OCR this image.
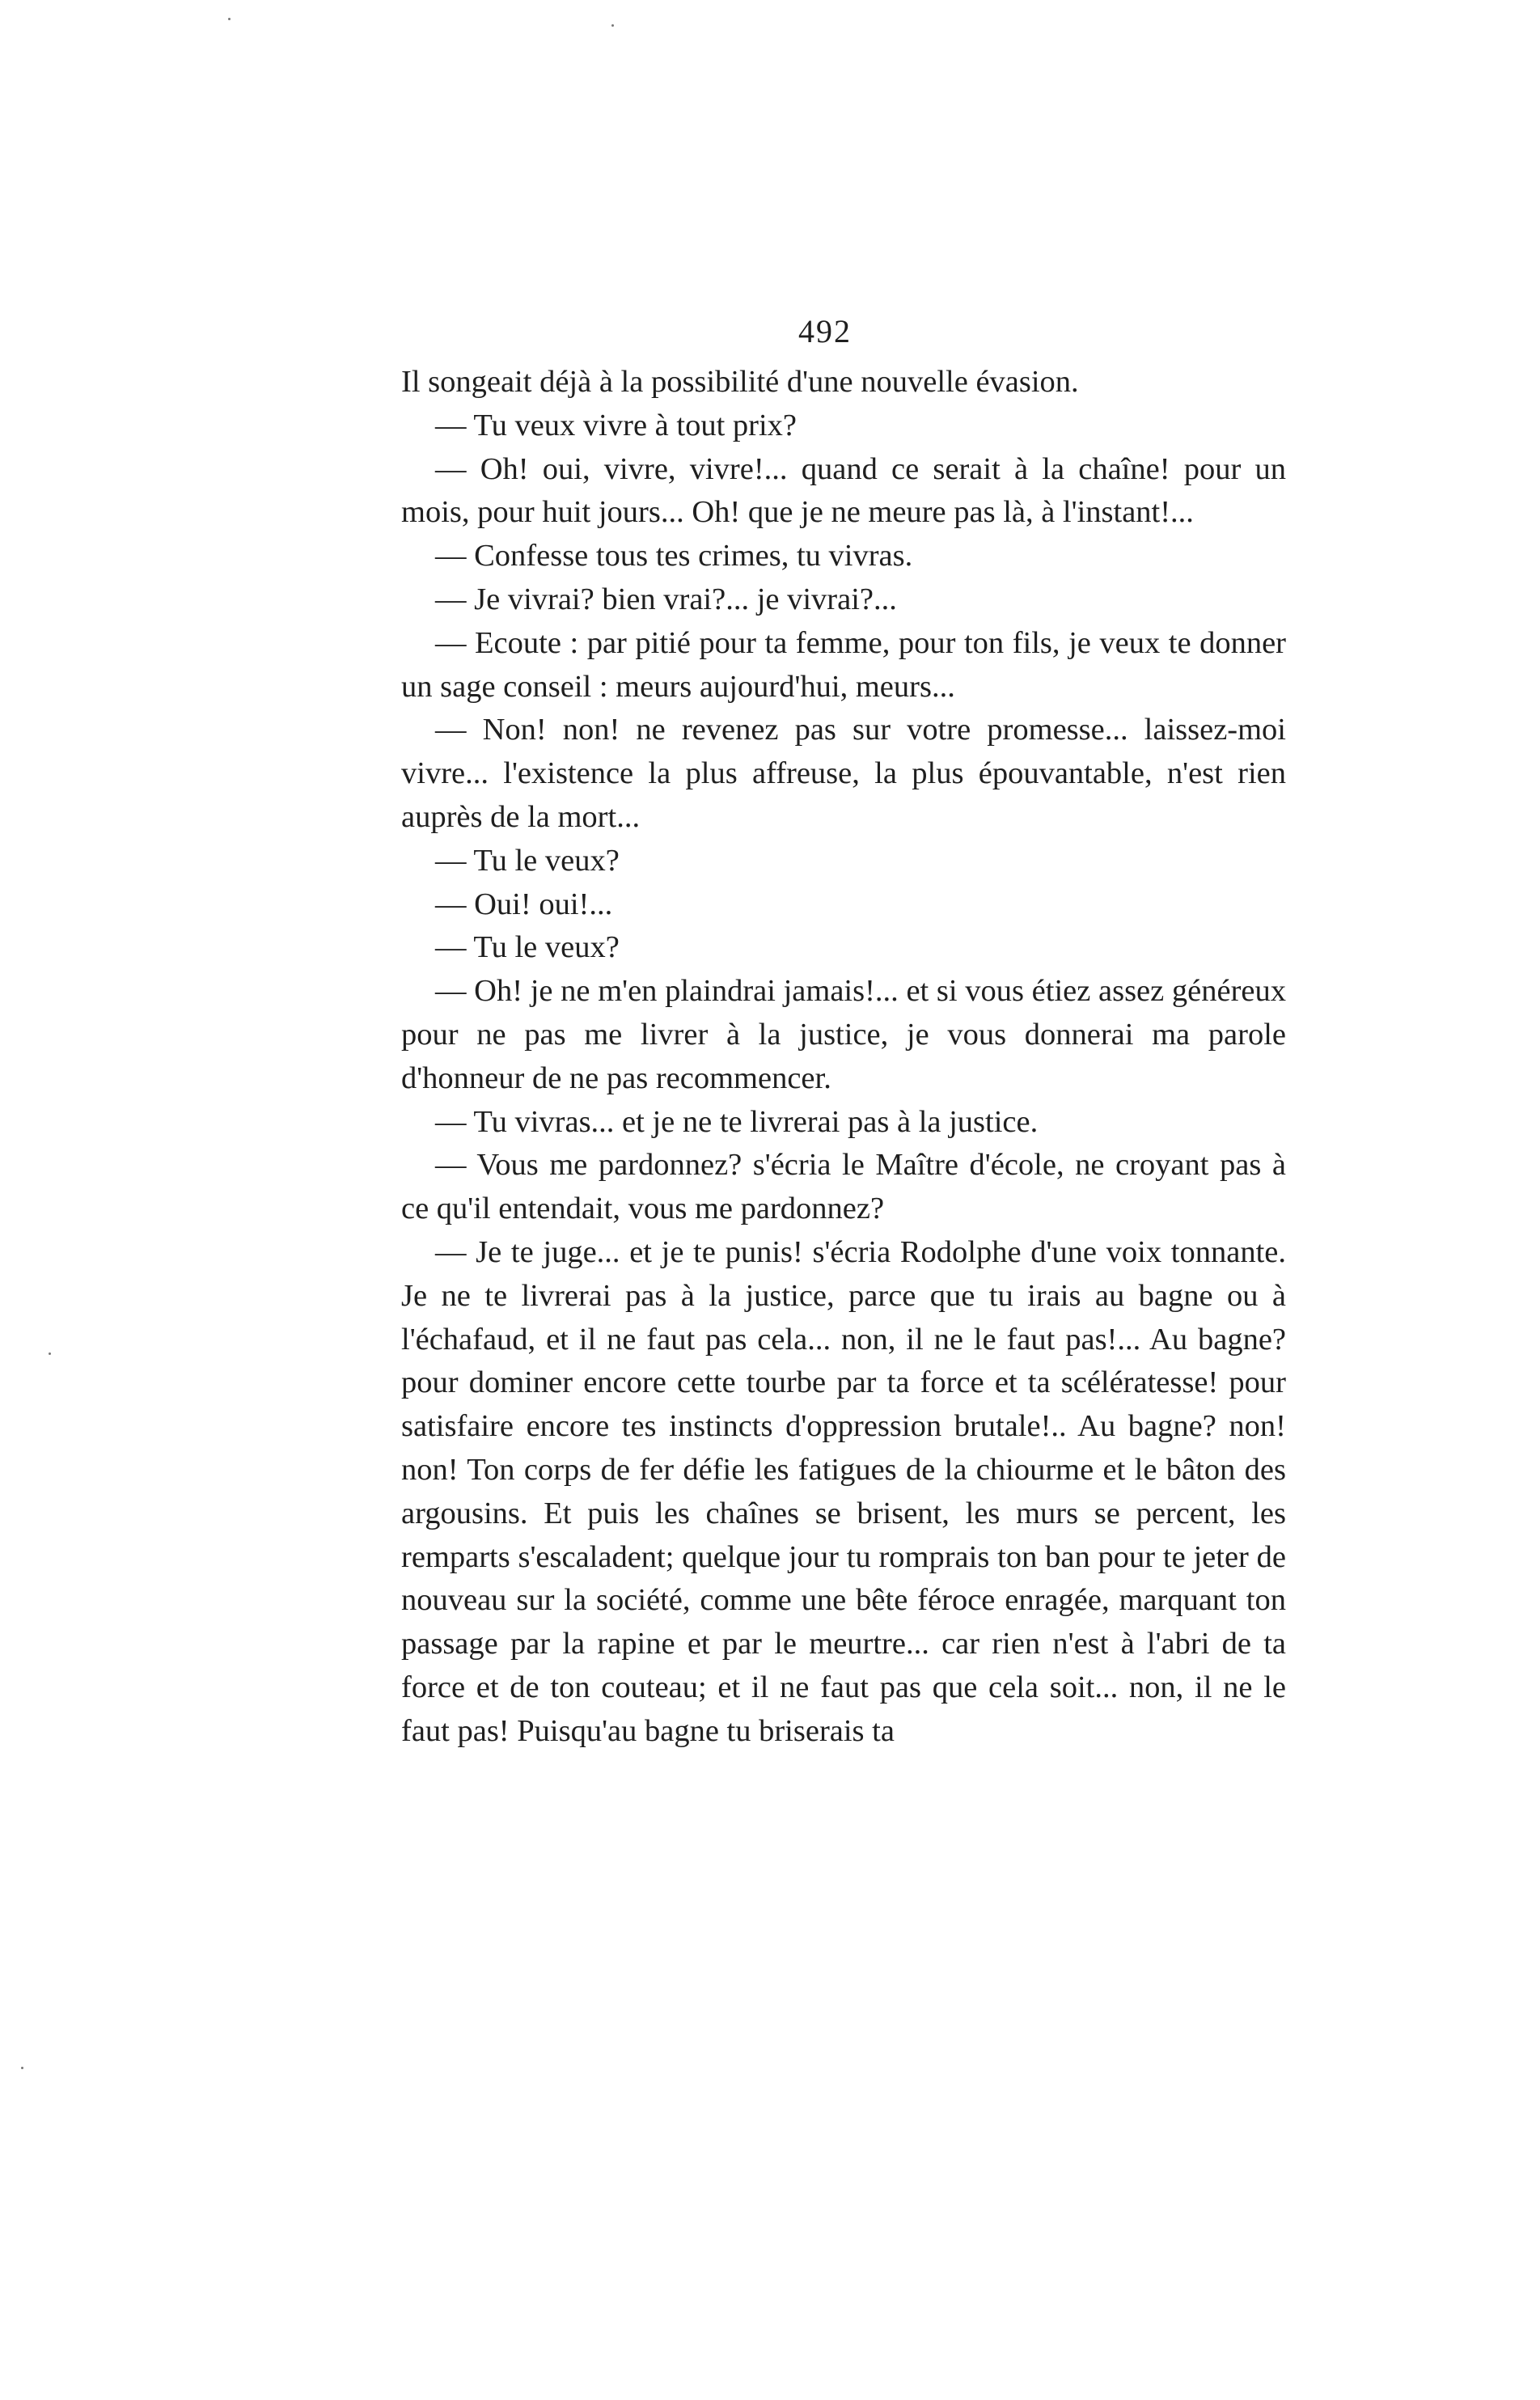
492

Il songeait déjà à la possibilité d'une nouvelle évasion.

— Tu veux vivre à tout prix?

— Oh! oui, vivre, vivre!... quand ce serait à la chaîne! pour un mois, pour huit jours... Oh! que je ne meure pas là, à l'instant!...

— Confesse tous tes crimes, tu vivras.

— Je vivrai? bien vrai?... je vivrai?...

— Ecoute : par pitié pour ta femme, pour ton fils, je veux te donner un sage conseil : meurs aujourd'hui, meurs...

— Non! non! ne revenez pas sur votre promesse... laissez-moi vivre... l'existence la plus affreuse, la plus épouvantable, n'est rien auprès de la mort...

— Tu le veux?

— Oui! oui!...

— Tu le veux?

— Oh! je ne m'en plaindrai jamais!... et si vous étiez assez généreux pour ne pas me livrer à la justice, je vous donnerai ma parole d'honneur de ne pas recommencer.

— Tu vivras... et je ne te livrerai pas à la justice.

— Vous me pardonnez? s'écria le Maître d'école, ne croyant pas à ce qu'il entendait, vous me pardonnez?

— Je te juge... et je te punis! s'écria Rodolphe d'une voix tonnante. Je ne te livrerai pas à la justice, parce que tu irais au bagne ou à l'échafaud, et il ne faut pas cela... non, il ne le faut pas!... Au bagne? pour dominer encore cette tourbe par ta force et ta scélératesse! pour satisfaire encore tes instincts d'oppression brutale!.. Au bagne? non! non! Ton corps de fer défie les fatigues de la chiourme et le bâton des argousins. Et puis les chaînes se brisent, les murs se percent, les remparts s'escaladent; quelque jour tu romprais ton ban pour te jeter de nouveau sur la société, comme une bête féroce enragée, marquant ton passage par la rapine et par le meurtre... car rien n'est à l'abri de ta force et de ton couteau; et il ne faut pas que cela soit... non, il ne le faut pas! Puisqu'au bagne tu briserais ta
